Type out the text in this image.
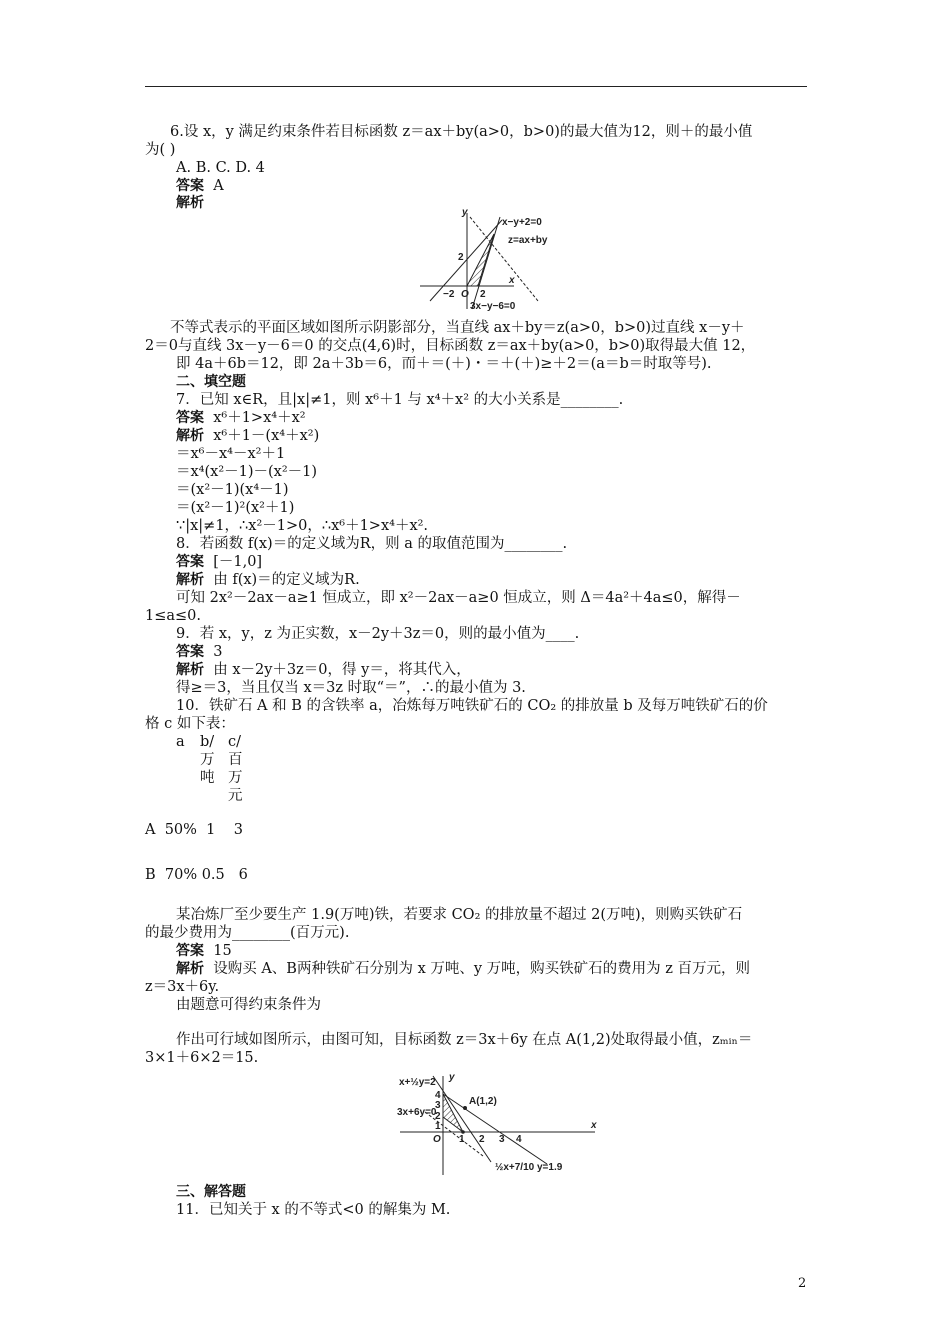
6.设 x，y 满足约束条件若目标函数 z＝ax＋by(a>0，b>0)的最大值为12，则＋的最小值
为( )
A. B. C. D. 4
答案 A
解析
y
x
x−y+2=0
z=ax+by
3x−y−6=0
2
−2 O 2
不等式表示的平面区域如图所示阴影部分，当直线 ax＋by＝z(a>0，b>0)过直线 x－y＋
2＝0与直线 3x－y－6＝0 的交点(4,6)时，目标函数 z＝ax＋by(a>0，b>0)取得最大值 12，
即 4a＋6b＝12，即 2a＋3b＝6，而＋＝(＋)・＝＋(＋)≥＋2＝(a＝b＝时取等号).
二、填空题
7．已知 x∈R，且|x|≠1，则 x⁶＋1 与 x⁴＋x² 的大小关系是________.
答案 x⁶＋1>x⁴＋x²
解析 x⁶＋1－(x⁴＋x²)
＝x⁶－x⁴－x²＋1
＝x⁴(x²－1)－(x²－1)
＝(x²－1)(x⁴－1)
＝(x²－1)²(x²＋1)
∵|x|≠1，∴x²－1>0，∴x⁶＋1>x⁴＋x².
8．若函数 f(x)＝的定义域为R，则 a 的取值范围为________.
答案 [－1,0]
解析 由 f(x)＝的定义域为R.
可知 2x²－2ax－a≥1 恒成立，即 x²－2ax－a≥0 恒成立，则 Δ＝4a²＋4a≤0，解得－
1≤a≤0.
9．若 x，y，z 为正实数，x－2y＋3z＝0，则的最小值为____.
答案 3
解析 由 x－2y＋3z＝0，得 y＝，将其代入，
得≥＝3，当且仅当 x＝3z 时取“＝”，∴的最小值为 3.
10．铁矿石 A 和 B 的含铁率 a，冶炼每万吨铁矿石的 CO₂ 的排放量 b 及每万吨铁矿石的价
格 c 如下表：
a b/
万
吨
c/
百
万
元
A  50%  1    3
B  70% 0.5   6
某冶炼厂至少要生产 1.9(万吨)铁，若要求 CO₂ 的排放量不超过 2(万吨)，则购买铁矿石
的最少费用为________(百万元).
答案 15
解析 设购买 A、B两种铁矿石分别为 x 万吨、y 万吨，购买铁矿石的费用为 z 百万元，则
z＝3x＋6y.
由题意可得约束条件为
作出可行域如图所示，由图可知，目标函数 z＝3x＋6y 在点 A(1,2)处取得最小值，zₘᵢₙ＝
3×1＋6×2＝15.
y
x
x+½y=2
3x+6y=0
½x+7/10 y=1.9
A(1,2)
4
3
2
1
O 1 2 3 4
三、解答题
11．已知关于 x 的不等式<0 的解集为 M.
2
